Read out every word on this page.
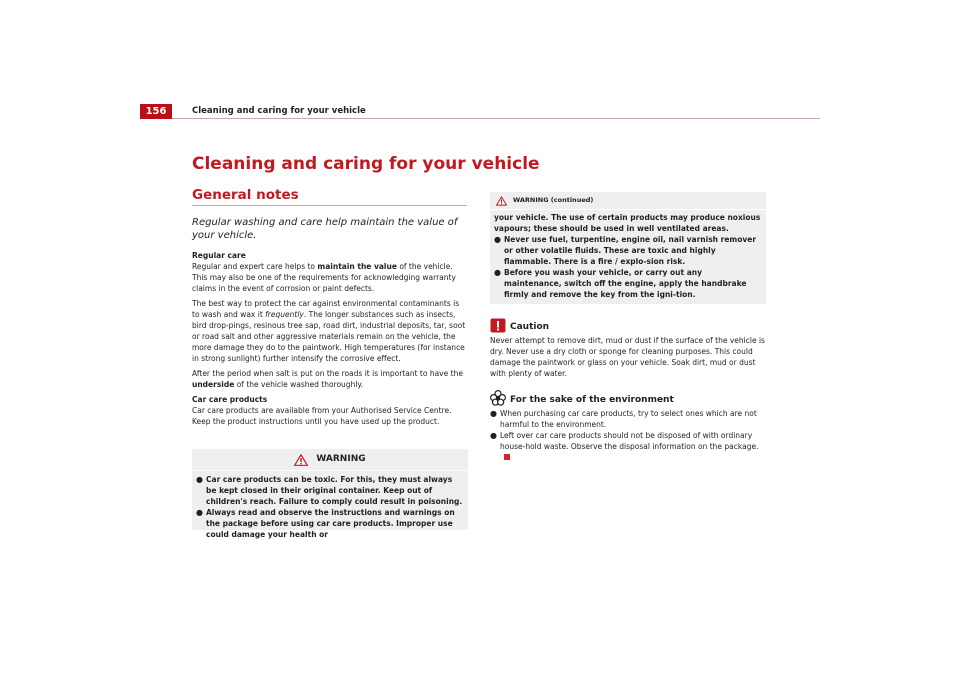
156	Cleaning and caring for your vehicle
Cleaning and caring for your vehicle
General notes
Regular washing and care help maintain the value of your vehicle.

Regular care

Regular and expert care helps to maintain the value of the vehicle. This may also be one of the requirements for acknowledging warranty claims in the event of corrosion or paint defects.

The best way to protect the car against environmental contaminants is to wash and wax it frequently. The longer substances such as insects, bird drop-pings, resinous tree sap, road dirt, industrial deposits, tar, soot or road salt and other aggressive materials remain on the vehicle, the more damage they do to the paintwork. High temperatures (for instance in strong sunlight) further intensify the corrosive effect.

After the period when salt is put on the roads it is important to have the underside of the vehicle washed thoroughly.

Car care products

Car care products are available from your Authorised Service Centre. Keep the product instructions until you have used up the product.

WARNING
● Car care products can be toxic. For this, they must always be kept closed in their original container. Keep out of children's reach. Failure to comply could result in poisoning.
● Always read and observe the instructions and warnings on the package before using car care products. Improper use could damage your health or
WARNING (continued)
your vehicle. The use of certain products may produce noxious vapours; these should be used in well ventilated areas.
● Never use fuel, turpentine, engine oil, nail varnish remover or other volatile fluids. These are toxic and highly flammable. There is a fire / explo-sion risk.
● Before you wash your vehicle, or carry out any maintenance, switch off the engine, apply the handbrake firmly and remove the key from the igni-tion.
Caution
Never attempt to remove dirt, mud or dust if the surface of the vehicle is dry. Never use a dry cloth or sponge for cleaning purposes. This could damage the paintwork or glass on your vehicle. Soak dirt, mud or dust with plenty of water.
For the sake of the environment
● When purchasing car care products, try to select ones which are not harmful to the environment.
● Left over car care products should not be disposed of with ordinary house-hold waste. Observe the disposal information on the package.
